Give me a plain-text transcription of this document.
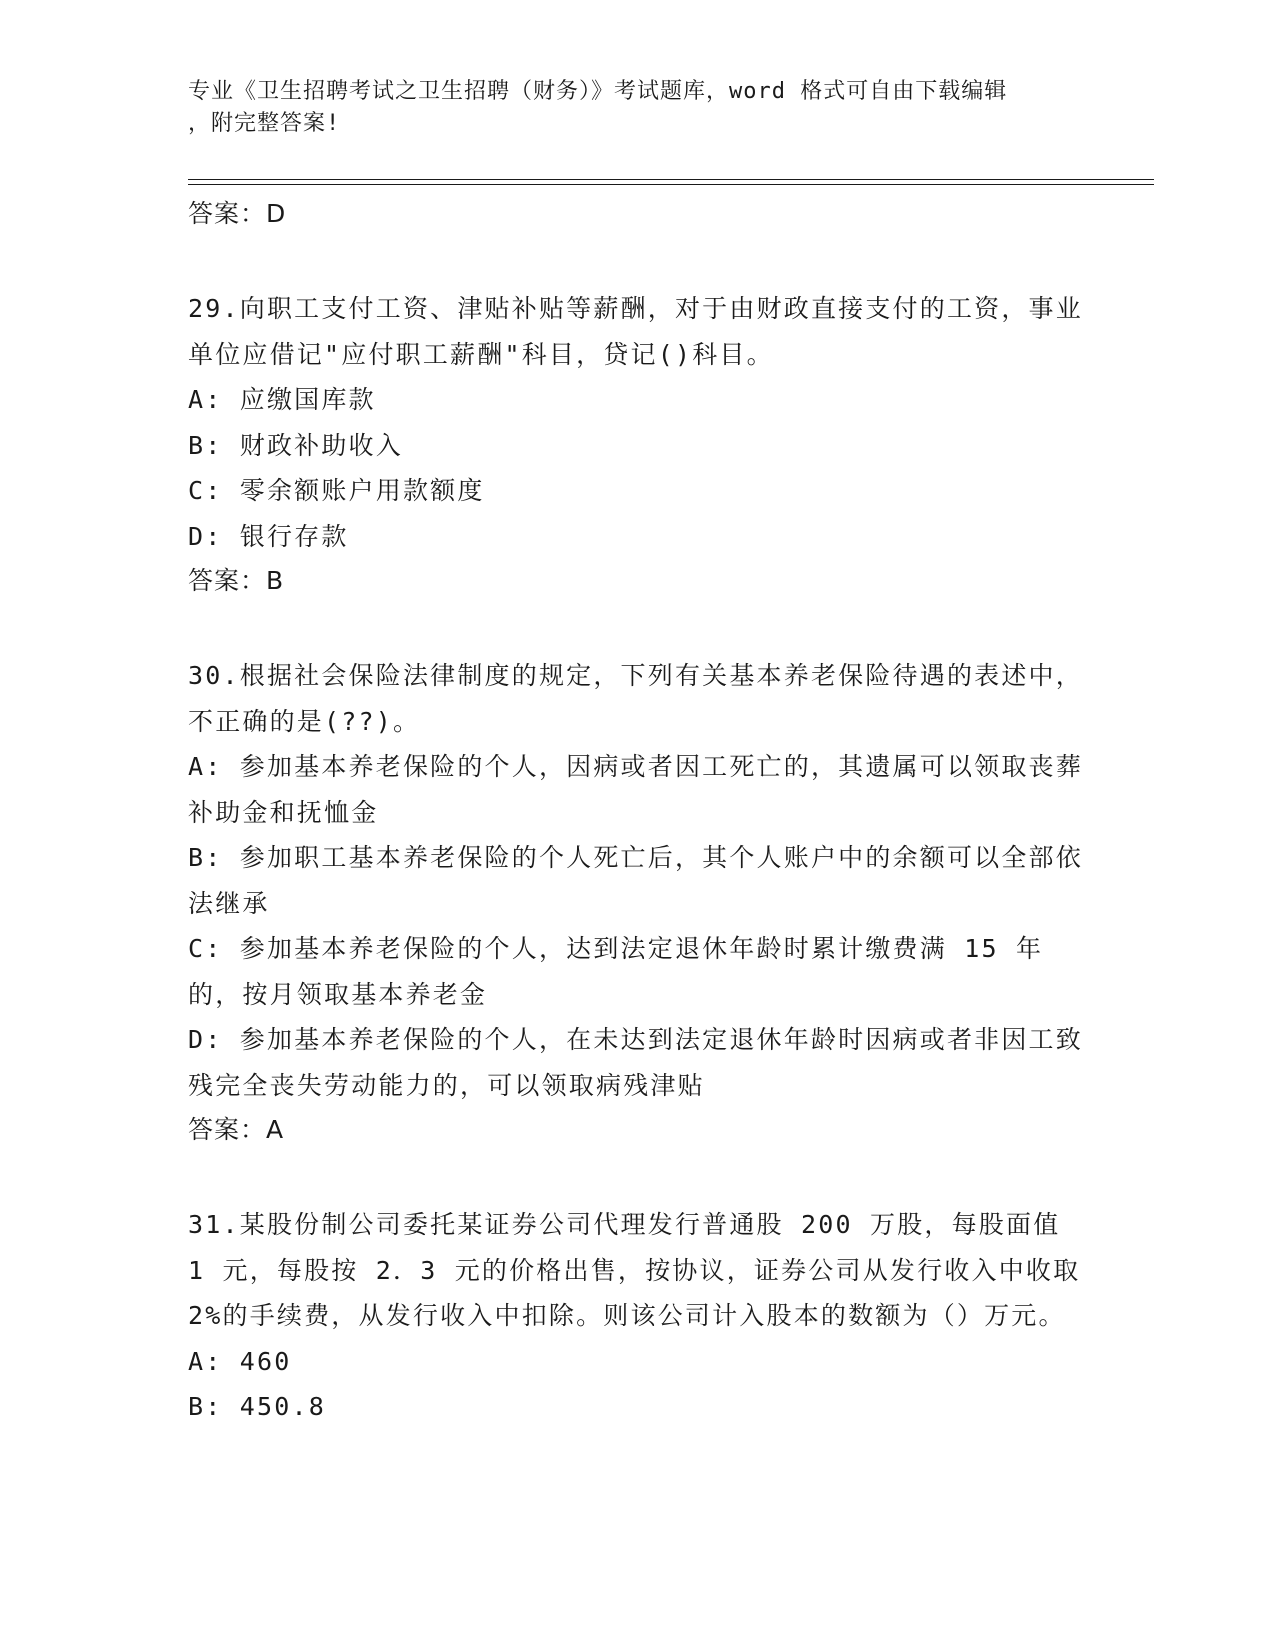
专业《卫生招聘考试之卫生招聘（财务）》考试题库，word 格式可自由下载编辑
，附完整答案!
答案：D

29.向职工支付工资、津贴补贴等薪酬，对于由财政直接支付的工资，事业单位应借记"应付职工薪酬"科目，贷记()科目。

A: 应缴国库款

B: 财政补助收入

C: 零余额账户用款额度

D: 银行存款

答案：B

30.根据社会保险法律制度的规定，下列有关基本养老保险待遇的表述中，不正确的是(??)。

A: 参加基本养老保险的个人，因病或者因工死亡的，其遗属可以领取丧葬补助金和抚恤金

B: 参加职工基本养老保险的个人死亡后，其个人账户中的余额可以全部依法继承

C: 参加基本养老保险的个人，达到法定退休年龄时累计缴费满 15 年的，按月领取基本养老金

D: 参加基本养老保险的个人，在未达到法定退休年龄时因病或者非因工致残完全丧失劳动能力的，可以领取病残津贴

答案：A

31.某股份制公司委托某证券公司代理发行普通股 200 万股，每股面值 1 元，每股按 2．3 元的价格出售，按协议，证券公司从发行收入中收取 2%的手续费，从发行收入中扣除。则该公司计入股本的数额为（）万元。

A: 460

B: 450.8
